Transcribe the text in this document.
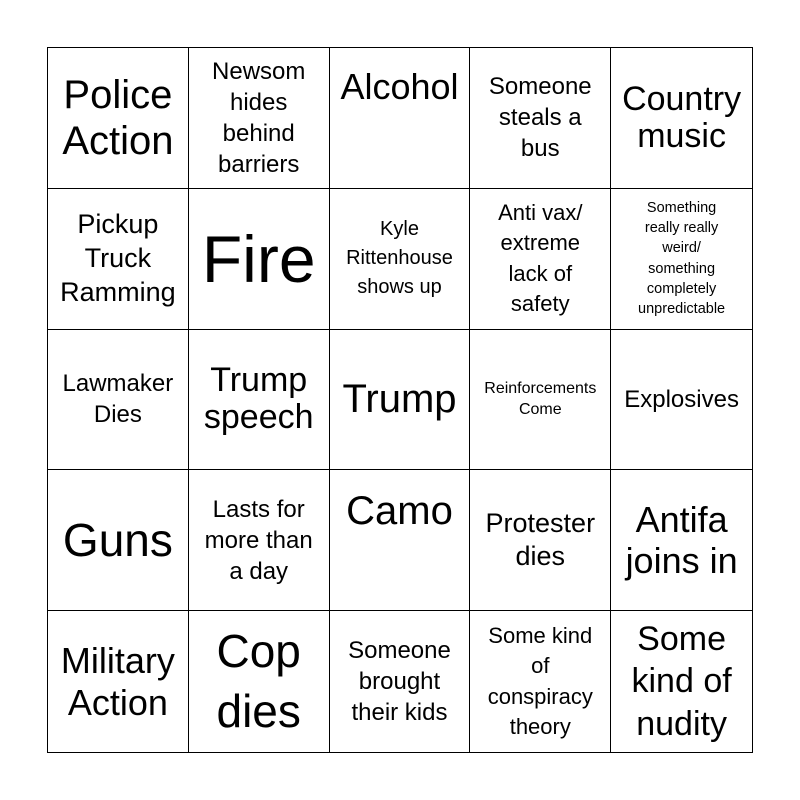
Police
Action
Newsom
hides
behind
barriers
Alcohol Someone
steals a
bus
Country
music
Pickup
Truck
Ramming Fire	Kyle
Rittenhouse
shows up
Anti vax/
extreme
lack of
safety
Something
really really
weird/
something
completely
unpredictable
Lawmaker
Dies
Trump
speech Trump Reinforcements
Come	Explosives
Guns
Lasts for
more than
a day
Camo Protester
dies
Antifa
joins in
Military
Action
Cop
dies
Someone
brought
their kids
Some kind
of
conspiracy
theory
Some
kind of
nudity
